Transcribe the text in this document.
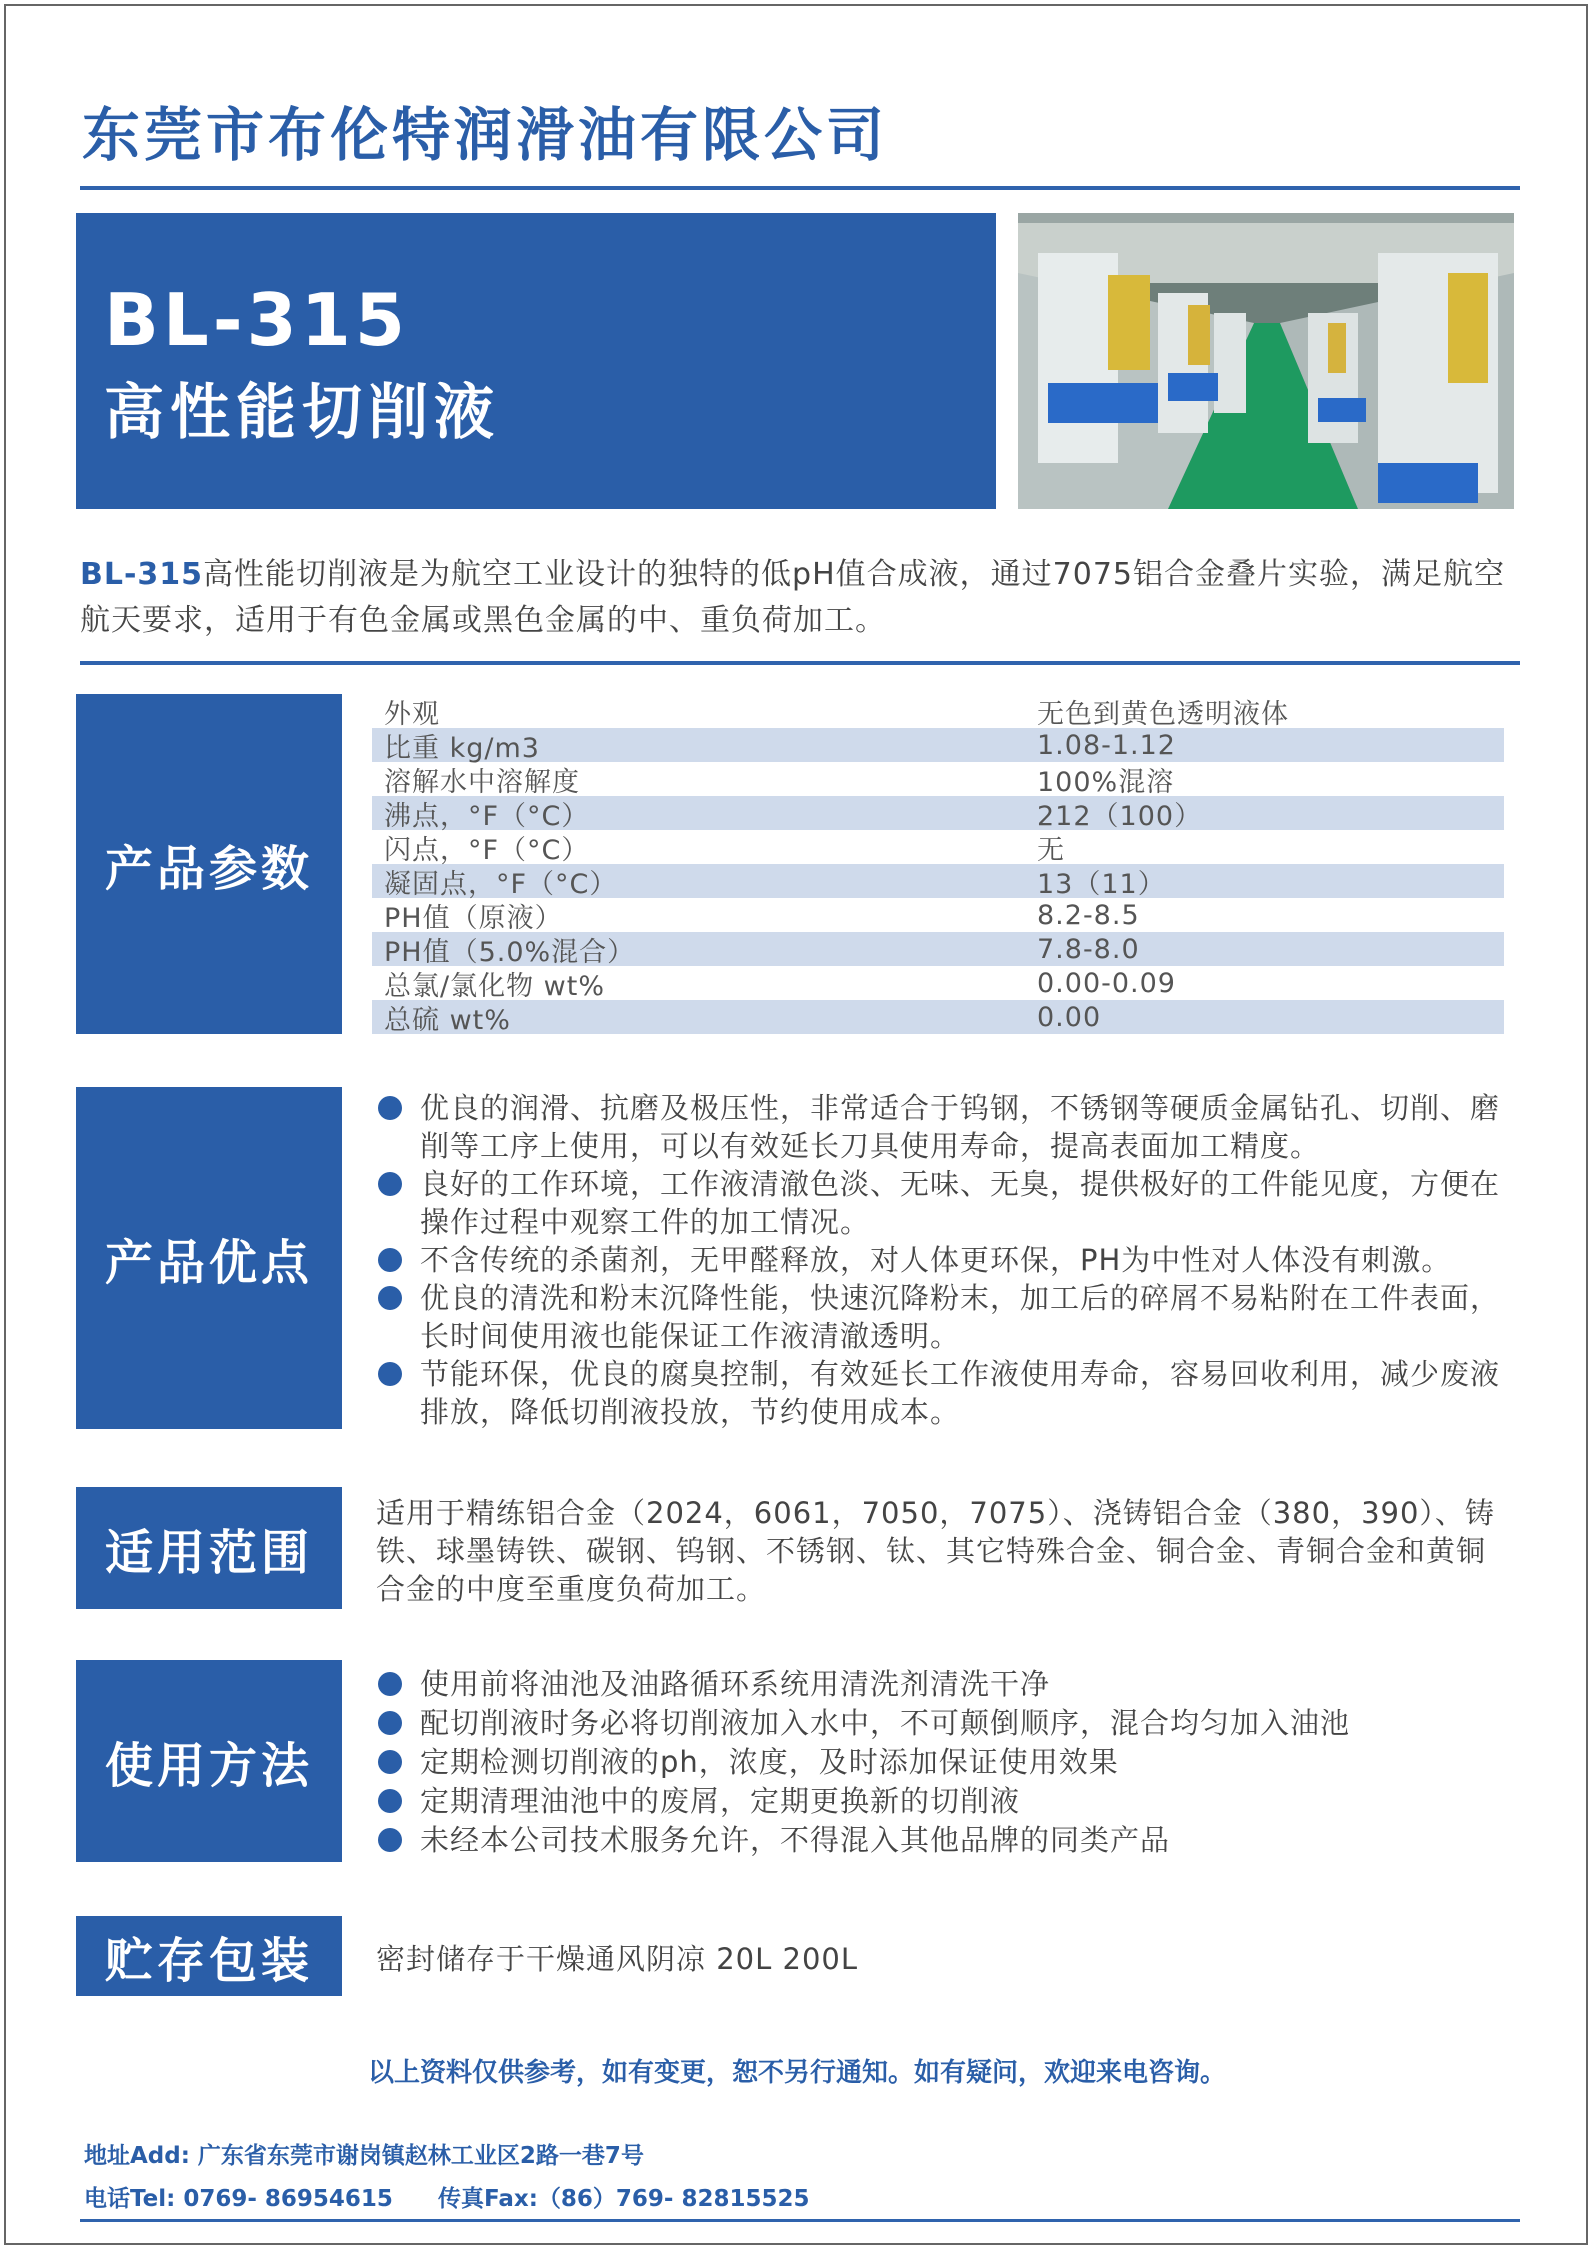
东莞市布伦特润滑油有限公司
BL-315
高性能切削液
BL-315高性能切削液是为航空工业设计的独特的低pH值合成液，通过7075铝合金叠片实验，满足航空航天要求，适用于有色金属或黑色金属的中、重负荷加工。
产品参数
外观	无色到黄色透明液体
比重 kg/m3	1.08-1.12
溶解水中溶解度	100%混溶
沸点，°F（°C）	212（100）
闪点，°F（°C）	无
凝固点，°F（°C）	13（11）
PH值（原液）	8.2-8.5
PH值（5.0%混合）	7.8-8.0
总氯/氯化物 wt%	0.00-0.09
总硫 wt%	0.00
产品优点
优良的润滑、抗磨及极压性，非常适合于钨钢，不锈钢等硬质金属钻孔、切削、磨削等工序上使用，可以有效延长刀具使用寿命，提高表面加工精度。
良好的工作环境，工作液清澈色淡、无味、无臭，提供极好的工件能见度，方便在操作过程中观察工件的加工情况。
不含传统的杀菌剂，无甲醛释放，对人体更环保，PH为中性对人体没有刺激。
优良的清洗和粉末沉降性能，快速沉降粉末，加工后的碎屑不易粘附在工件表面，长时间使用液也能保证工作液清澈透明。
节能环保，优良的腐臭控制，有效延长工作液使用寿命，容易回收利用，减少废液排放，降低切削液投放，节约使用成本。
适用范围
适用于精练铝合金（2024，6061，7050，7075）、浇铸铝合金（380，390）、铸铁、球墨铸铁、碳钢、钨钢、不锈钢、钛、其它特殊合金、铜合金、青铜合金和黄铜合金的中度至重度负荷加工。
使用方法
使用前将油池及油路循环系统用清洗剂清洗干净
配切削液时务必将切削液加入水中，不可颠倒顺序，混合均匀加入油池
定期检测切削液的ph，浓度，及时添加保证使用效果
定期清理油池中的废屑，定期更换新的切削液
未经本公司技术服务允许，不得混入其他品牌的同类产品
贮存包装	密封储存于干燥通风阴凉 20L 200L
以上资料仅供参考，如有变更，恕不另行通知。如有疑问，欢迎来电咨询。
地址Add: 广东省东莞市谢岗镇赵林工业区2路一巷7号
电话Tel: 0769- 86954615 传真Fax:（86）769- 82815525
